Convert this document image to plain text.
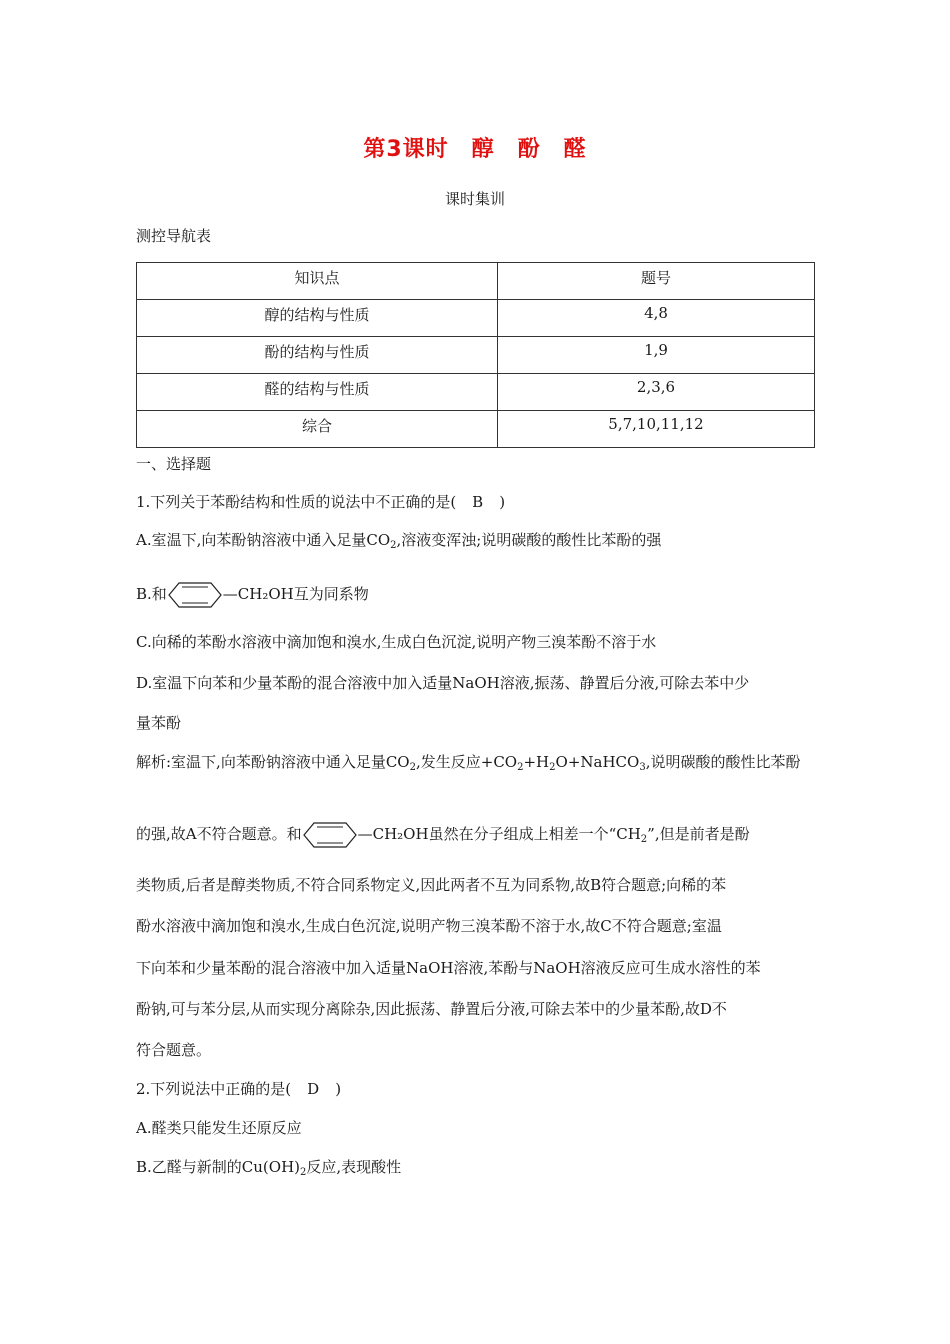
第3课时　醇　酚　醛
课时集训
测控导航表
知识点	题号
醇的结构与性质	4,8
酚的结构与性质	1,9
醛的结构与性质	2,3,6
综合	5,7,10,11,12
一、选择题
1.下列关于苯酚结构和性质的说法中不正确的是( B )
A.室温下,向苯酚钠溶液中通入足量$CO_2$,溶液变浑浊;说明碳酸的酸性比苯酚的强
B.和	—CH₂OH互为同系物
C.向稀的苯酚水溶液中滴加饱和溴水,生成白色沉淀,说明产物三溴苯酚不溶于水
D.室温下向苯和少量苯酚的混合溶液中加入适量NaOH溶液,振荡、静置后分液,可除去苯中少
量苯酚
解析:室温下,向苯酚钠溶液中通入足量$CO_2$,发生反应$+CO_2+H_2O+NaHCO_3$,说明碳酸的酸性比苯酚
的强,故A不符合题意。和	—CH₂OH虽然在分子组成上相差一个“$CH_2$”,但是前者是酚
类物质,后者是醇类物质,不符合同系物定义,因此两者不互为同系物,故B符合题意;向稀的苯
酚水溶液中滴加饱和溴水,生成白色沉淀,说明产物三溴苯酚不溶于水,故C不符合题意;室温
下向苯和少量苯酚的混合溶液中加入适量NaOH溶液,苯酚与NaOH溶液反应可生成水溶性的苯
酚钠,可与苯分层,从而实现分离除杂,因此振荡、静置后分液,可除去苯中的少量苯酚,故D不
符合题意。
2.下列说法中正确的是( D )
A.醛类只能发生还原反应
B.乙醛与新制的$Cu(OH)_2$反应,表现酸性
